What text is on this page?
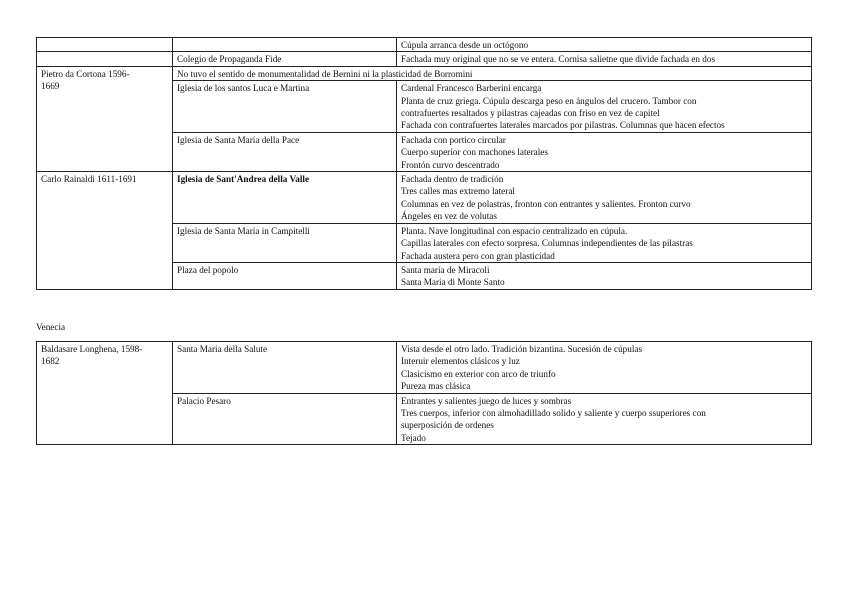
		Cúpula arranca desde un octógono

	Colegio de Propaganda Fide	Fachada muy original que no se ve entera. Cornisa salietne que divide fachada en dos

Pietro da Cortona 1596-
1669	No tuvo el sentido de monumentalidad de Bernini ni la plasticidad de Borromini	

	Iglesia de los santos Luca e Martina	Cardenal Francesco Barberini encarga
Planta de cruz griega. Cúpula descarga peso en ángulos del crucero. Tambor con
contrafuertes resaltados y pilastras cajeadas con friso en vez de capitel
Fachada con contrafuertes laterales marcados por pilastras. Columnas que hacen efectos

	Iglesia de Santa María della Pace	Fachada con portico circular
Cuerpo superior con machones laterales
Frontón curvo descentrado

Carlo Rainaldi 1611-1691	Iglesia de Sant'Andrea della Valle	Fachada dentro de tradición
Tres calles mas extremo lateral
Columnas en vez de polastras, fronton con entrantes y salientes. Fronton curvo
Ángeles en vez de volutas

	Iglesia de Santa María in Campitelli	Planta. Nave longitudinal con espacio centralizado en cúpula.
Capillas laterales con efecto sorpresa. Columnas independientes de las pilastras
Fachada austera pero con gran plasticidad

	Plaza del popolo	Santa maría de Miracoli
Santa María di Monte Santo
Venecia
Baldasare Longhena, 1598-
1682	Santa María della Salute	Vista desde el otro lado. Tradición bizantina. Sucesión de cúpulas
Interuir elementos clásicos y luz
Clasicismo en exterior con arco de triunfo
Pureza mas clásica

	Palacio Pesaro	Entrantes y salientes juego de luces y sombras
Tres cuerpos, inferior con almohadillado solido y saliente y cuerpo ssuperiores con
superposición de ordenes
Tejado
